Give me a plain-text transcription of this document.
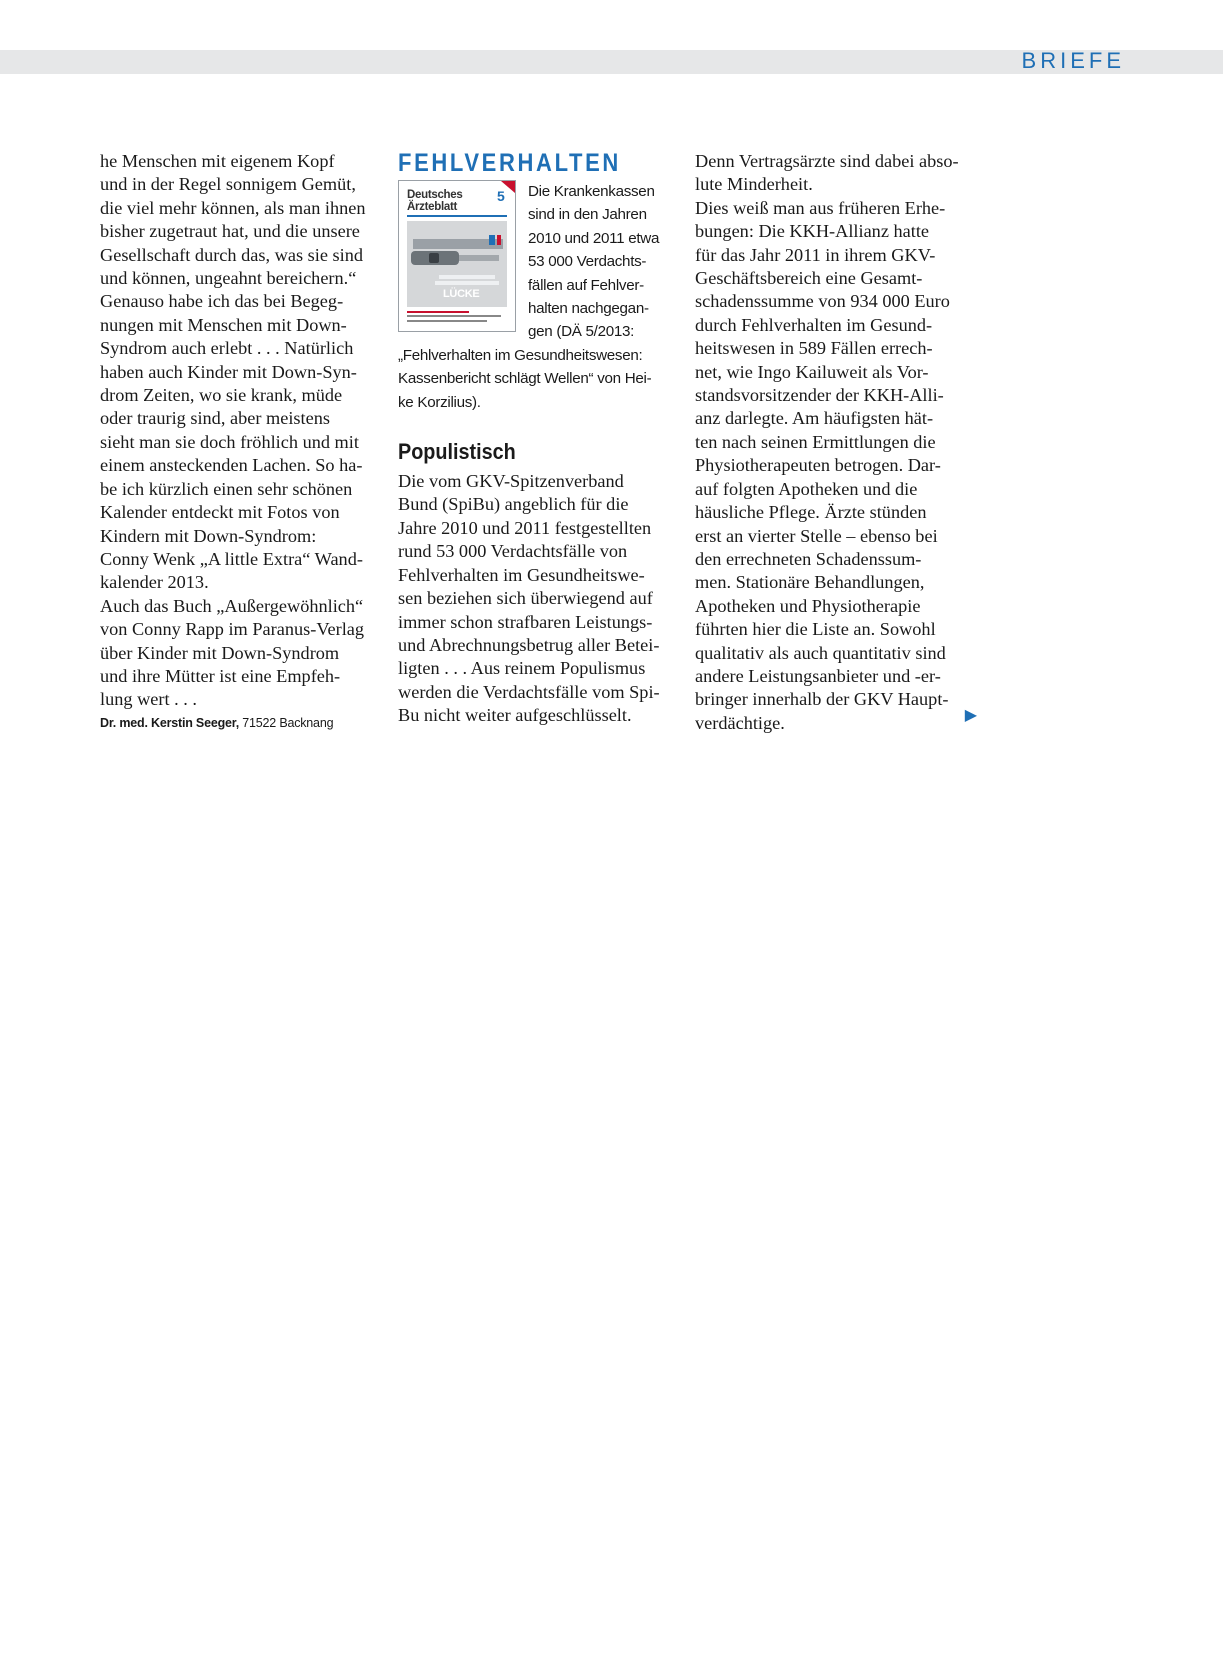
BRIEFE
he Menschen mit eigenem Kopf
und in der Regel sonnigem Gemüt,
die viel mehr können, als man ihnen
bisher zugetraut hat, und die unsere
Gesellschaft durch das, was sie sind
und können, ungeahnt bereichern.“
Genauso habe ich das bei Begeg-
nungen mit Menschen mit Down-
Syndrom auch erlebt . . . Natürlich
haben auch Kinder mit Down-Syn-
drom Zeiten, wo sie krank, müde
oder traurig sind, aber meistens
sieht man sie doch fröhlich und mit
einem ansteckenden Lachen. So ha-
be ich kürzlich einen sehr schönen
Kalender entdeckt mit Fotos von
Kindern mit Down-Syndrom:
Conny Wenk „A little Extra“ Wand-
kalender 2013.
Auch das Buch „Außergewöhnlich“
von Conny Rapp im Paranus-Verlag
über Kinder mit Down-Syndrom
und ihre Mütter ist eine Empfeh-
lung wert . . .
Dr. med. Kerstin Seeger, 71522 Backnang
FEHLVERHALTEN
Deutsches
Ärzteblatt
5
LÜCKE
Die Krankenkassen
sind in den Jahren
2010 und 2011 etwa
53 000 Verdachts-
fällen auf Fehlver-
halten nachgegan-
gen (DÄ 5/2013:
„Fehlverhalten im Gesundheitswesen:
Kassenbericht schlägt Wellen“ von Hei-
ke Korzilius).
Populistisch
Die vom GKV-Spitzenverband
Bund (SpiBu) angeblich für die
Jahre 2010 und 2011 festgestellten
rund 53 000 Verdachtsfälle von
Fehlverhalten im Gesundheitswe-
sen beziehen sich überwiegend auf
immer schon strafbaren Leistungs-
und Abrechnungsbetrug aller Betei-
ligten . . . Aus reinem Populismus
werden die Verdachtsfälle vom Spi-
Bu nicht weiter aufgeschlüsselt.
Denn Vertragsärzte sind dabei abso-
lute Minderheit.
Dies weiß man aus früheren Erhe-
bungen: Die KKH-Allianz hatte
für das Jahr 2011 in ihrem GKV-
Geschäftsbereich eine Gesamt-
schadenssumme von 934 000 Euro
durch Fehlverhalten im Gesund-
heitswesen in 589 Fällen errech-
net, wie Ingo Kailuweit als Vor-
standsvorsitzender der KKH-Alli-
anz darlegte. Am häufigsten hät-
ten nach seinen Ermittlungen die
Physiotherapeuten betrogen. Dar-
auf folgten Apotheken und die
häusliche Pflege. Ärzte stünden
erst an vierter Stelle – ebenso bei
den errechneten Schadenssum-
men. Stationäre Behandlungen,
Apotheken und Physiotherapie
führten hier die Liste an. Sowohl
qualitativ als auch quantitativ sind
andere Leistungsanbieter und -er-
bringer innerhalb der GKV Haupt-
verdächtige.	▶
